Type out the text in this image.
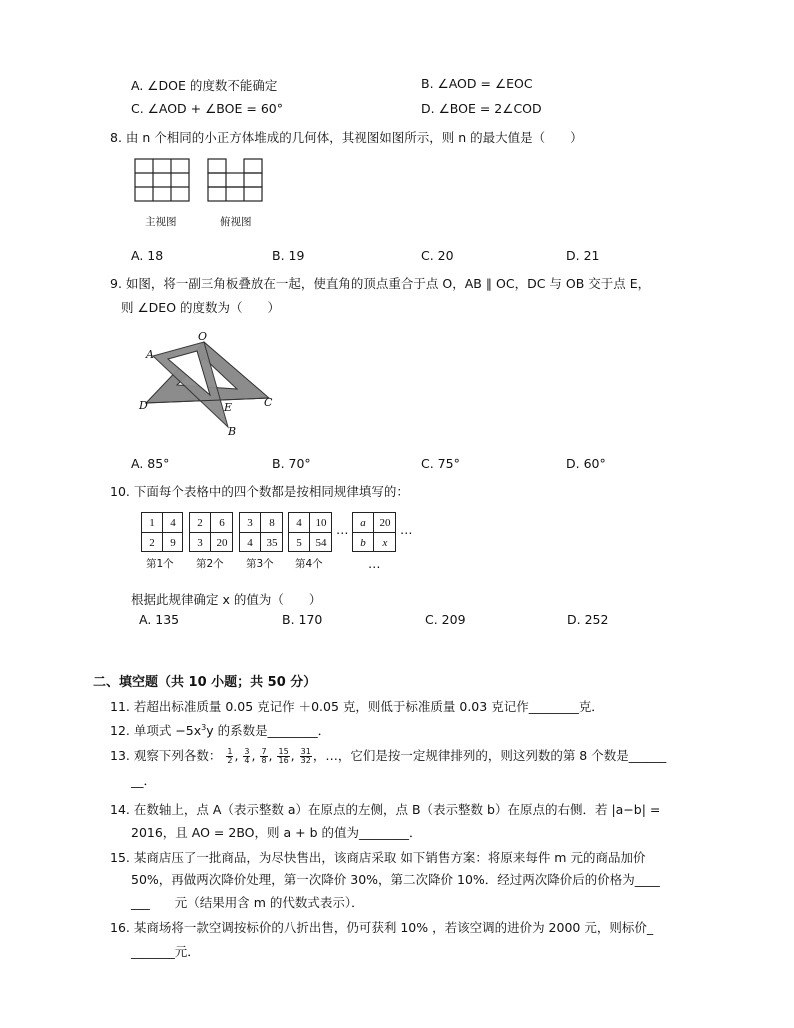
A. ∠DOE 的度数不能确定	B. ∠AOD = ∠EOC
C. ∠AOD + ∠BOE = 60°	D. ∠BOE = 2∠COD
8. 由 n 个相同的小正方体堆成的几何体，其视图如图所示，则 n 的最大值是（　　）
主视图	俯视图
A. 18	B. 19	C. 20	D. 21
9. 如图，将一副三角板叠放在一起，使直角的顶点重合于点 O，AB ∥ OC，DC 与 OB 交于点 E，
则 ∠DEO 的度数为（　　）
O
A
D	E	C
B
A. 85°	B. 70°	C. 75°	D. 60°
10. 下面每个表格中的四个数都是按相同规律填写的：
1	4
2	9
第1个
2	6
3	20
第2个
3	8
4	35
第3个
4	10
5	54
第4个
…	a	20
b	x
…
…
根据此规律确定 x 的值为（　　）
A. 135	B. 170	C. 209	D. 252
二、填空题（共 10 小题；共 50 分）
11. 若超出标准质量 0.05 克记作 ＋0.05 克，则低于标准质量 0.03 克记作________克．
12. 单项式 $-5x^3y$ 的系数是________．
13. 观察下列各数： $\frac{1}{2}$ , $\frac{3}{4}$ , $\frac{7}{8}$ , $\frac{15}{16}$ , $\frac{31}{32}$ ，…，它们是按一定规律排列的，则这列数的第 8 个数是______
__．
14. 在数轴上，点 A（表示整数 a）在原点的左侧，点 B（表示整数 b）在原点的右侧．若 |a−b| =
2016，且 AO = 2BO，则 a + b 的值为________．
15. 某商店压了一批商品，为尽快售出，该商店采取 如下销售方案：将原来每件 m 元的商品加价
50%，再做两次降价处理，第一次降价 30%，第二次降价 10%．经过两次降价后的价格为____
___　　元（结果用含 m 的代数式表示）．
16. 某商场将一款空调按标价的八折出售，仍可获利 10% ，若该空调的进价为 2000 元，则标价_
_______元．
